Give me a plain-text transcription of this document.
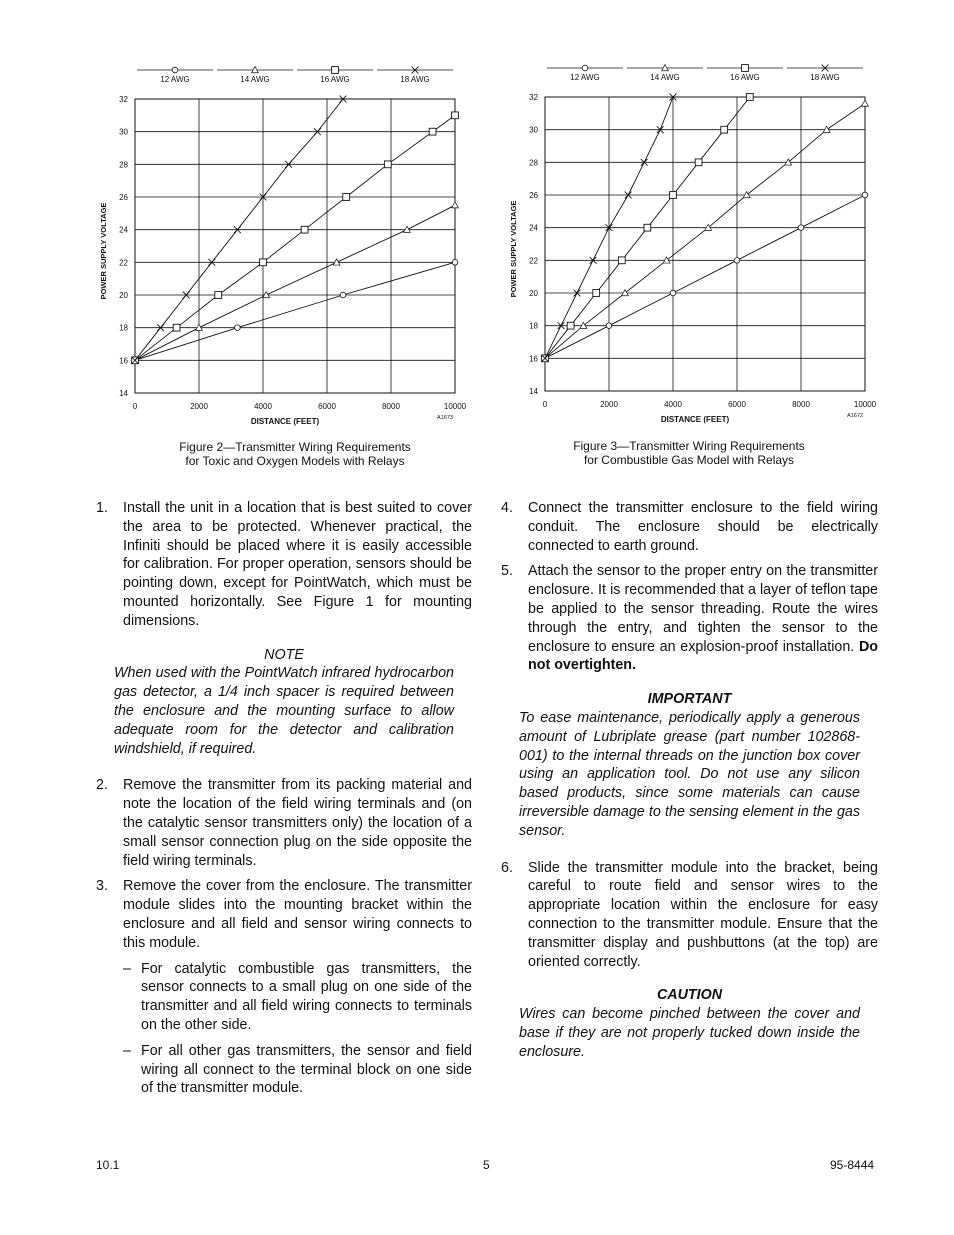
12 AWG	14 AWG	16 AWG	18 AWG
0	2000	4000	6000	8000	10000
14
16
18
20
22
24
26
28
30
32
DISTANCE (FEET)
POWER SUPPLY VOLTAGE
A1673
Figure 2—Transmitter Wiring Requirements
for Toxic and Oxygen Models with Relays
12 AWG	14 AWG	16 AWG	18 AWG
0	2000	4000	6000	8000	10000
14
16
18
20
22
24
26
28
30
32
DISTANCE (FEET)
POWER SUPPLY VOLTAGE
A1672
Figure 3—Transmitter Wiring Requirements
for Combustible Gas Model with Relays
1. Install the unit in a location that is best suited to cover the area to be protected. Whenever practical, the Infiniti should be placed where it is easily accessible for calibration. For proper operation, sensors should be pointing down, except for PointWatch, which must be mounted horizontally. See Figure 1 for mounting dimensions.
NOTE
When used with the PointWatch infrared hydrocarbon gas detector, a 1/4 inch spacer is required between the enclosure and the mounting surface to allow adequate room for the detector and calibration windshield, if required.
2. Remove the transmitter from its packing material and note the location of the field wiring terminals and (on the catalytic sensor transmitters only) the location of a small sensor connection plug on the side opposite the field wiring terminals.
3. Remove the cover from the enclosure. The transmitter module slides into the mounting bracket within the enclosure and all field and sensor wiring connects to this module.
– For catalytic combustible gas transmitters, the sensor connects to a small plug on one side of the transmitter and all field wiring connects to terminals on the other side.
– For all other gas transmitters, the sensor and field wiring all connect to the terminal block on one side of the transmitter module.
4. Connect the transmitter enclosure to the field wiring conduit. The enclosure should be electrically connected to earth ground.
5. Attach the sensor to the proper entry on the transmitter enclosure. It is recommended that a layer of teflon tape be applied to the sensor threading. Route the wires through the entry, and tighten the sensor to the enclosure to ensure an explosion-proof installation. Do not overtighten.
IMPORTANT
To ease maintenance, periodically apply a generous amount of Lubriplate grease (part number 102868-001) to the internal threads on the junction box cover using an application tool. Do not use any silicon based products, since some materials can cause irreversible damage to the sensing element in the gas sensor.
6. Slide the transmitter module into the bracket, being careful to route field and sensor wires to the appropriate location within the enclosure for easy connection to the transmitter module. Ensure that the transmitter display and pushbuttons (at the top) are oriented correctly.
CAUTION
Wires can become pinched between the cover and base if they are not properly tucked down inside the enclosure.
10.1	5	95-8444
